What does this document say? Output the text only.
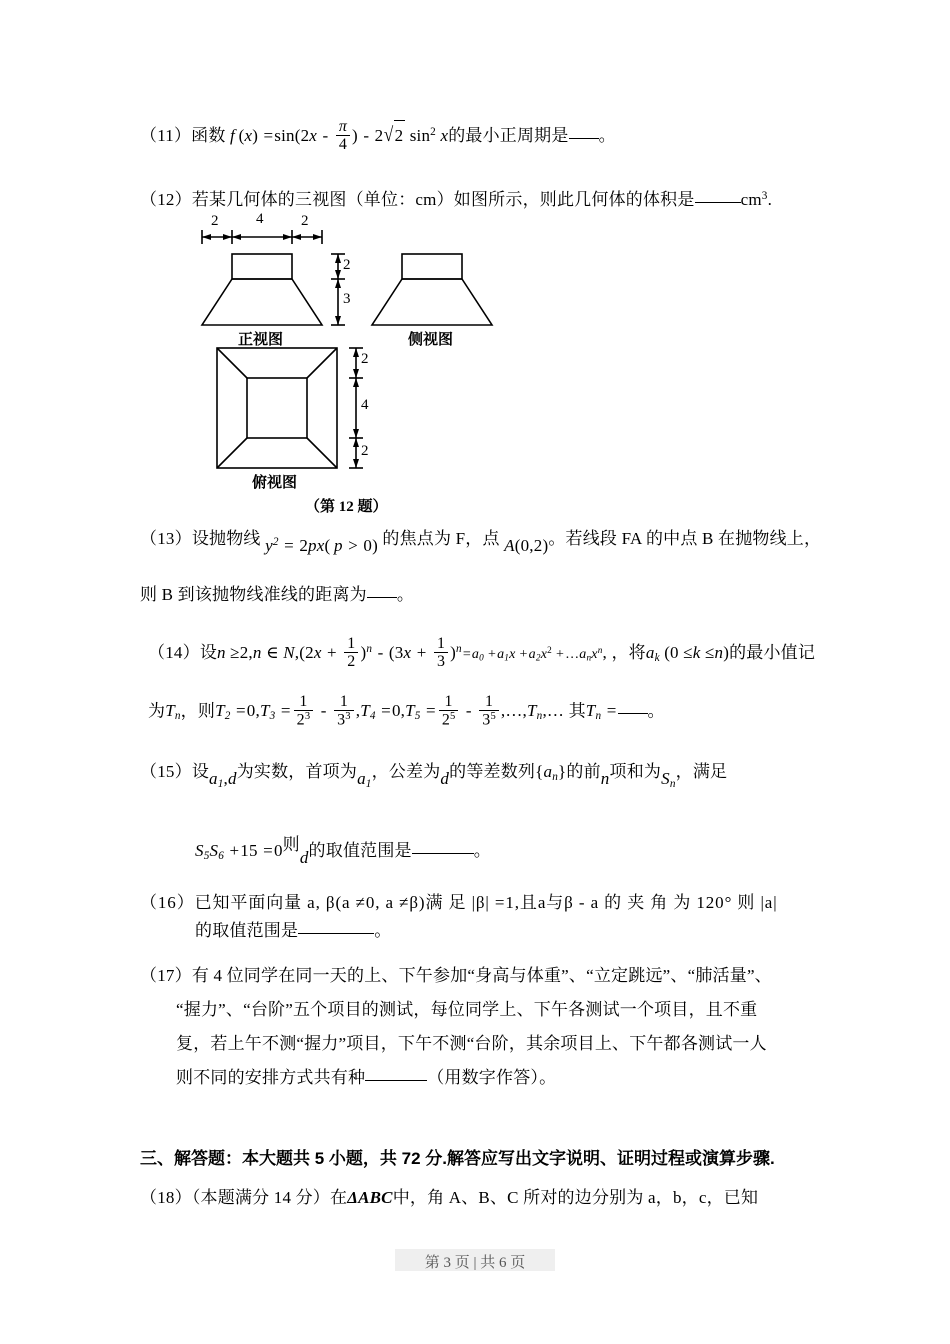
（11）函数 f $(x) =\sin(2x - \frac{\pi}{4}$ ) - 2√2 $\sin^2 x$的最小正周期是 。
（12）若某几何体的三视图（单位：cm）如图所示，则此几何体的体积是	$cm^3$.
2	4	2
2
3
2
4
2
正视图	侧视图
俯视图
（第 12 题）
（13）设抛物线 $y^2 = 2px$( p > 0) 的焦点为 F，点 A(0,2)。若线段 FA 的中点 B 在抛物线上，
则 B 到该抛物线准线的距离为 。
（14）设n ≥2,n ∈ $N,(2x + \frac{1}{2} )^n - (3x + \frac{1}{3} )^n=a_0 +a_1x +a_2x^2$  $+\dots a_nx^n$, ，将$a_k$ (0 ≤k ≤n)的最小值记
为$T_n$，则$T_2 =0,T_3 = \frac{1}{2^3} - \frac{1}{3^3} ,T_4 =0,T_5 = \frac{1}{2^5} - \frac{1}{3^5}$ $,\dots,T_n,\dots$ 其$T_n$ = 。
（15）设$a_1,d$为实数，首项为$a_1$，公差为d的等差数列$\{a_n\}$的前n项和为$S_n$，满足
$S_5S_6 +15 =0$则d的取值范围是	。
（16）已知平面向量 a, β(a ≠0, a ≠β)满 足 |β| =1,且a与β - a 的 夹 角 为 120° 则 |a|
的取值范围是	。
（17）有 4 位同学在同一天的上、下午参加“身高与体重”、“立定跳远”、“肺活量”、
“握力”、“台阶”五个项目的测试，每位同学上、下午各测试一个项目，且不重
复，若上午不测“握力”项目，下午不测“台阶，其余项目上、下午都各测试一人
则不同的安排方式共有种	（用数字作答）。
三、解答题：本大题共 5 小题，共 72 分.解答应写出文字说明、证明过程或演算步骤.
（18）（本题满分 14 分）在ΔABC中，角 A、B、C 所对的边分别为 a，b，c，已知
第 3 页 | 共 6 页
